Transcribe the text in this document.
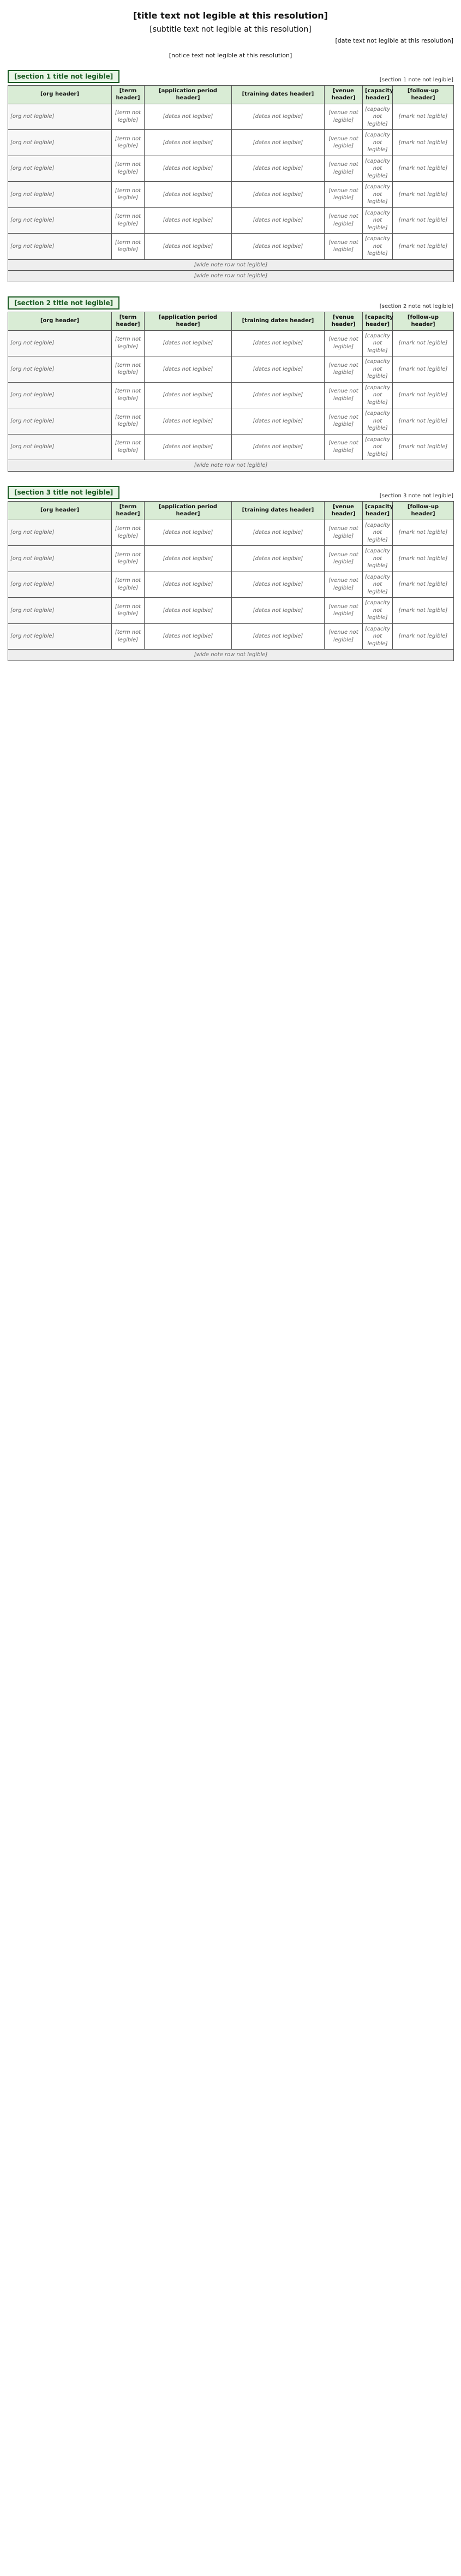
[title text not legible at this resolution]
[subtitle text not legible at this resolution]
[date text not legible at this resolution]
[notice text not legible at this resolution]
[section 1 title not legible]	[section 1 note not legible]
[org header]	[term header]	[application period header]	[training dates header]	[venue header]	[capacity header]	[follow-up header]
[org not legible]	[term not legible]	[dates not legible]	[dates not legible]	[venue not legible]	[capacity not legible]	[mark not legible]
[org not legible]	[term not legible]	[dates not legible]	[dates not legible]	[venue not legible]	[capacity not legible]	[mark not legible]
[org not legible]	[term not legible]	[dates not legible]	[dates not legible]	[venue not legible]	[capacity not legible]	[mark not legible]
[org not legible]	[term not legible]	[dates not legible]	[dates not legible]	[venue not legible]	[capacity not legible]	[mark not legible]
[org not legible]	[term not legible]	[dates not legible]	[dates not legible]	[venue not legible]	[capacity not legible]	[mark not legible]
[org not legible]	[term not legible]	[dates not legible]	[dates not legible]	[venue not legible]	[capacity not legible]	[mark not legible]
[wide note row not legible]						
[wide note row not legible]						
[section 2 title not legible]	[section 2 note not legible]
[org header]	[term header]	[application period header]	[training dates header]	[venue header]	[capacity header]	[follow-up header]
[org not legible]	[term not legible]	[dates not legible]	[dates not legible]	[venue not legible]	[capacity not legible]	[mark not legible]
[org not legible]	[term not legible]	[dates not legible]	[dates not legible]	[venue not legible]	[capacity not legible]	[mark not legible]
[org not legible]	[term not legible]	[dates not legible]	[dates not legible]	[venue not legible]	[capacity not legible]	[mark not legible]
[org not legible]	[term not legible]	[dates not legible]	[dates not legible]	[venue not legible]	[capacity not legible]	[mark not legible]
[org not legible]	[term not legible]	[dates not legible]	[dates not legible]	[venue not legible]	[capacity not legible]	[mark not legible]
[wide note row not legible]						
[section 3 title not legible]	[section 3 note not legible]
[org header]	[term header]	[application period header]	[training dates header]	[venue header]	[capacity header]	[follow-up header]
[org not legible]	[term not legible]	[dates not legible]	[dates not legible]	[venue not legible]	[capacity not legible]	[mark not legible]
[org not legible]	[term not legible]	[dates not legible]	[dates not legible]	[venue not legible]	[capacity not legible]	[mark not legible]
[org not legible]	[term not legible]	[dates not legible]	[dates not legible]	[venue not legible]	[capacity not legible]	[mark not legible]
[org not legible]	[term not legible]	[dates not legible]	[dates not legible]	[venue not legible]	[capacity not legible]	[mark not legible]
[org not legible]	[term not legible]	[dates not legible]	[dates not legible]	[venue not legible]	[capacity not legible]	[mark not legible]
[wide note row not legible]						
